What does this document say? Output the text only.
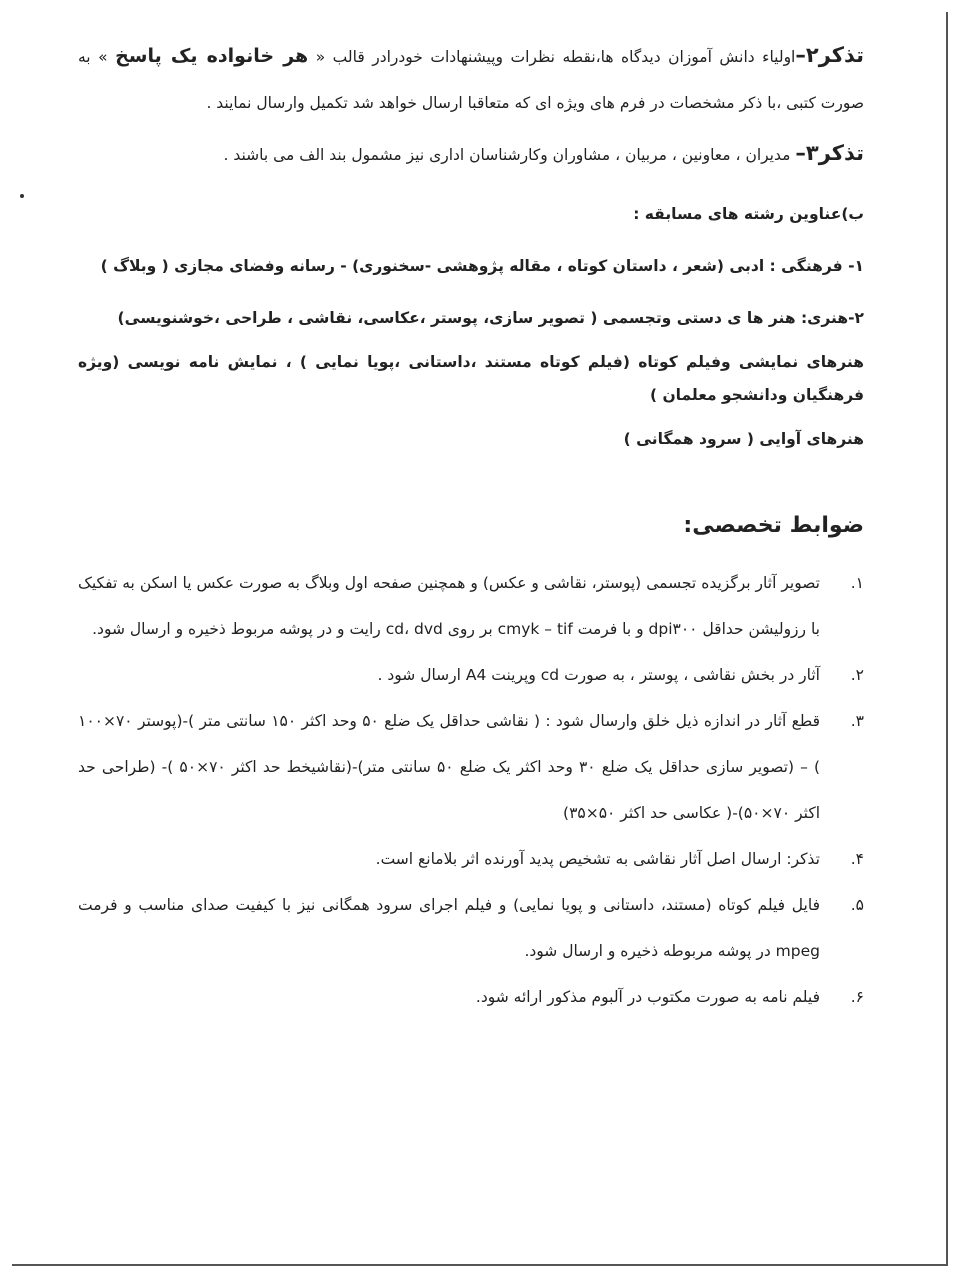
تذکر۲–اولیاء دانش آموزان دیدگاه ها،نقطه نظرات وپیشنهادات خودرادر قالب « هر خانواده یک پاسخ » به صورت کتبی ،با ذکر مشخصات در فرم های ویژه ای که متعاقبا ارسال خواهد شد تکمیل وارسال نمایند .

تذکر۳– مدیران ، معاونین ، مربیان ، مشاوران وکارشناسان اداری نیز مشمول بند الف می باشند .

ب)عناوین رشته های مسابقه :

۱- فرهنگی : ادبی (شعر ، داستان کوتاه ، مقاله پژوهشی -سخنوری) - رسانه وفضای مجازی ( وبلاگ )

۲-هنری: هنر ها ی دستی وتجسمی ( تصویر سازی، پوستر ،عکاسی، نقاشی ، طراحی ،خوشنویسی)

هنرهای نمایشی وفیلم کوتاه (فیلم کوتاه مستند ،داستانی ،پویا نمایی ) ، نمایش نامه نویسی (ویژه فرهنگیان ودانشجو معلمان )

هنرهای آوایی ( سرود همگانی )

ضوابط تخصصی:
۱.
تصویر آثار برگزیده تجسمی (پوستر، نقاشی و عکس) و همچنین صفحه اول وبلاگ به صورت عکس یا اسکن به تفکیک با رزولیشن حداقل dpi۳۰۰ و با فرمت cmyk – tif بر روی cd، dvd رایت و در پوشه مربوط ذخیره و ارسال شود.
۲.
آثار در بخش نقاشی ، پوستر ، به صورت cd وپرینت A4 ارسال شود .
۳.
قطع آثار در اندازه ذیل خلق وارسال شود : ( نقاشی حداقل یک ضلع ۵۰ وحد اکثر ۱۵۰ سانتی متر )-(پوستر ۷۰×۱۰۰ ) – (تصویر سازی حداقل یک ضلع ۳۰ وحد اکثر یک ضلع ۵۰ سانتی متر)-(نقاشیخط حد اکثر ۷۰×۵۰ )- (طراحی حد اکثر ۷۰×۵۰)-( عکاسی حد اکثر ۵۰×۳۵)
۴.
تذکر: ارسال اصل آثار نقاشی به تشخیص پدید آورنده اثر بلامانع است.
۵.
فایل فیلم کوتاه (مستند، داستانی و پویا نمایی) و فیلم اجرای سرود همگانی نیز با کیفیت صدای مناسب و فرمت mpeg در پوشه مربوطه ذخیره و ارسال شود.
۶.
فیلم نامه به صورت مکتوب در آلبوم مذکور ارائه شود.
